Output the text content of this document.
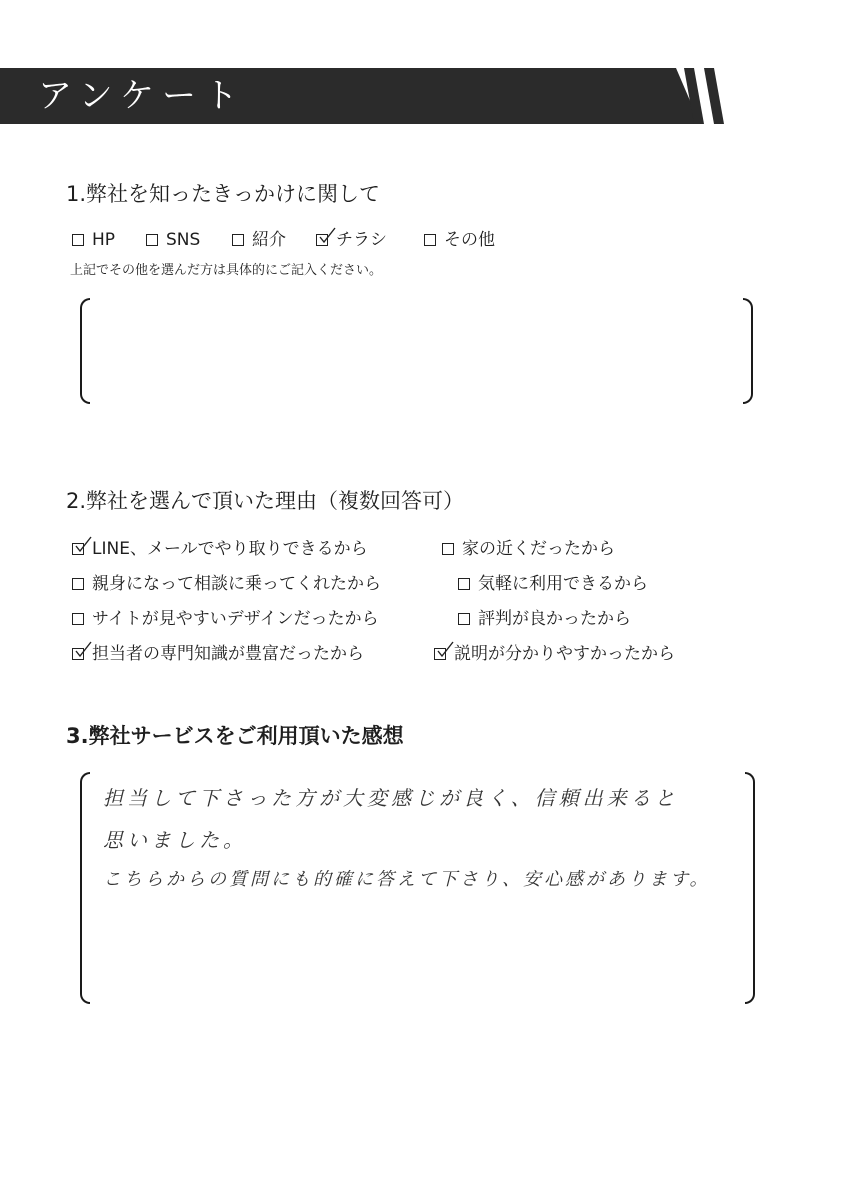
アンケート
1.弊社を知ったきっかけに関して
HP	SNS	紹介	チラシ	その他
上記でその他を選んだ方は具体的にご記入ください。
2.弊社を選んで頂いた理由（複数回答可）
LINE、メールでやり取りできるから	家の近くだったから
親身になって相談に乗ってくれたから	気軽に利用できるから
サイトが見やすいデザインだったから	評判が良かったから
担当者の専門知識が豊富だったから	説明が分かりやすかったから
3.弊社サービスをご利用頂いた感想
担当して下さった方が大変感じが良く、信頼出来ると
思いました。
こちらからの質問にも的確に答えて下さり、安心感があります。
